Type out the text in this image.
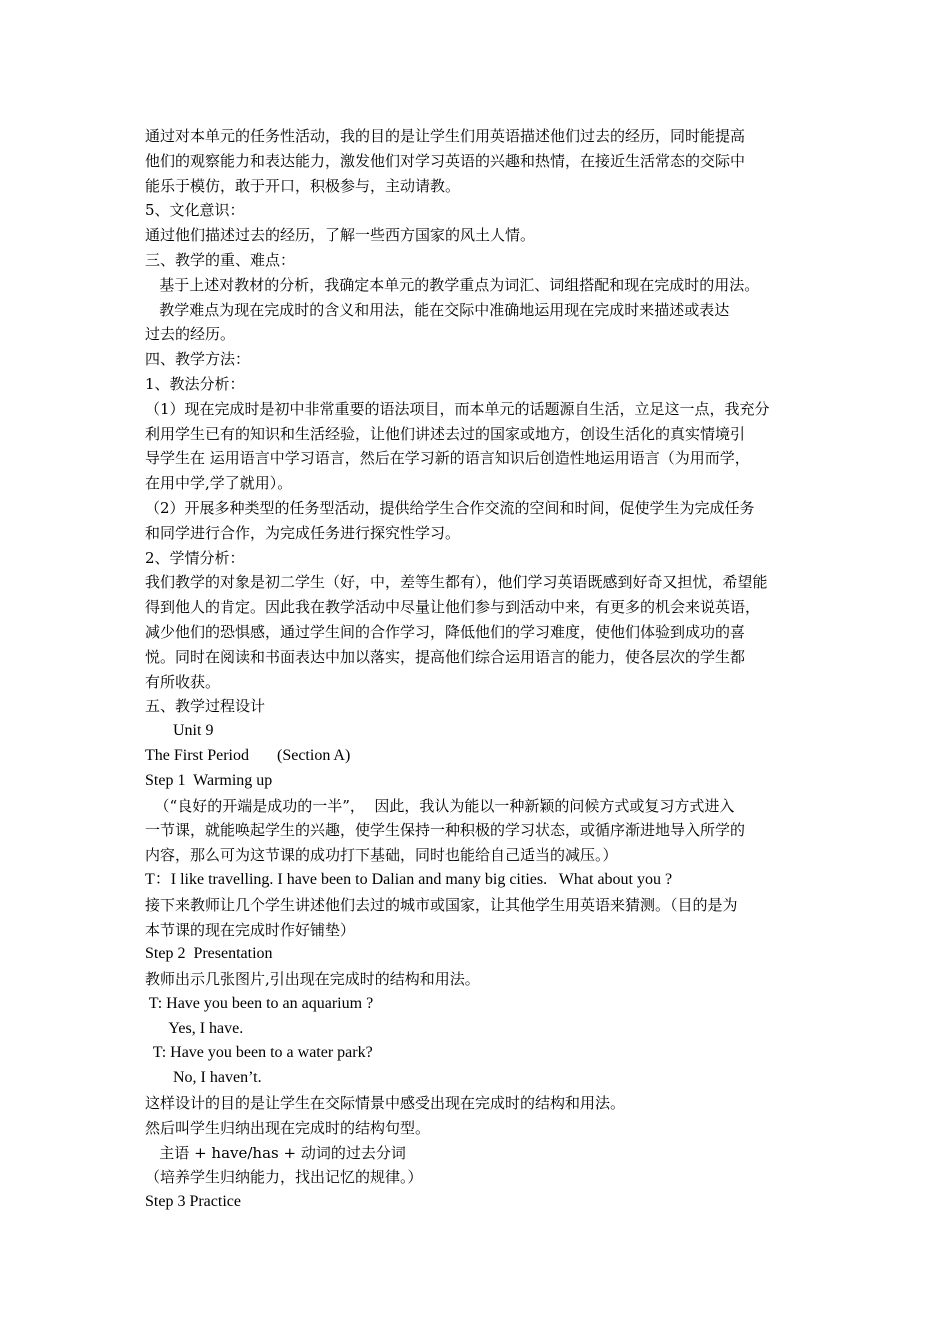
通过对本单元的任务性活动，我的目的是让学生们用英语描述他们过去的经历，同时能提高
他们的观察能力和表达能力，激发他们对学习英语的兴趣和热情，在接近生活常态的交际中
能乐于模仿，敢于开口，积极参与，主动请教。
5、文化意识：
通过他们描述过去的经历，了解一些西方国家的风土人情。
三、教学的重、难点：
基于上述对教材的分析，我确定本单元的教学重点为词汇、词组搭配和现在完成时的用法。
教学难点为现在完成时的含义和用法，能在交际中准确地运用现在完成时来描述或表达
过去的经历。
四、教学方法：
1、教法分析：
（1）现在完成时是初中非常重要的语法项目，而本单元的话题源自生活，立足这一点，我充分
利用学生已有的知识和生活经验，让他们讲述去过的国家或地方，创设生活化的真实情境引
导学生在 运用语言中学习语言，然后在学习新的语言知识后创造性地运用语言（为用而学，
在用中学,学了就用）。
（2）开展多种类型的任务型活动，提供给学生合作交流的空间和时间，促使学生为完成任务
和同学进行合作，为完成任务进行探究性学习。
2、学情分析：
我们教学的对象是初二学生（好，中，差等生都有），他们学习英语既感到好奇又担忧，希望能
得到他人的肯定。因此我在教学活动中尽量让他们参与到活动中来，有更多的机会来说英语，
减少他们的恐惧感，通过学生间的合作学习，降低他们的学习难度，使他们体验到成功的喜
悦。同时在阅读和书面表达中加以落实，提高他们综合运用语言的能力，使各层次的学生都
有所收获。
五、教学过程设计
Unit 9
The First Period       (Section A)
Step 1  Warming up
（“良好的开端是成功的一半”，  因此，我认为能以一种新颖的问候方式或复习方式进入
一节课，就能唤起学生的兴趣，使学生保持一种积极的学习状态，或循序渐进地导入所学的
内容，那么可为这节课的成功打下基础，同时也能给自己适当的减压。）
T：I like travelling. I have been to Dalian and many big cities.   What about you ?
接下来教师让几个学生讲述他们去过的城市或国家，让其他学生用英语来猜测。（目的是为
本节课的现在完成时作好铺垫）
Step 2  Presentation
教师出示几张图片,引出现在完成时的结构和用法。
T: Have you been to an aquarium ?
Yes, I have.
T: Have you been to a water park?
No, I haven’t.
这样设计的目的是让学生在交际情景中感受出现在完成时的结构和用法。
然后叫学生归纳出现在完成时的结构句型。
主语 + have/has + 动词的过去分词
（培养学生归纳能力，找出记忆的规律。）
Step 3 Practice
